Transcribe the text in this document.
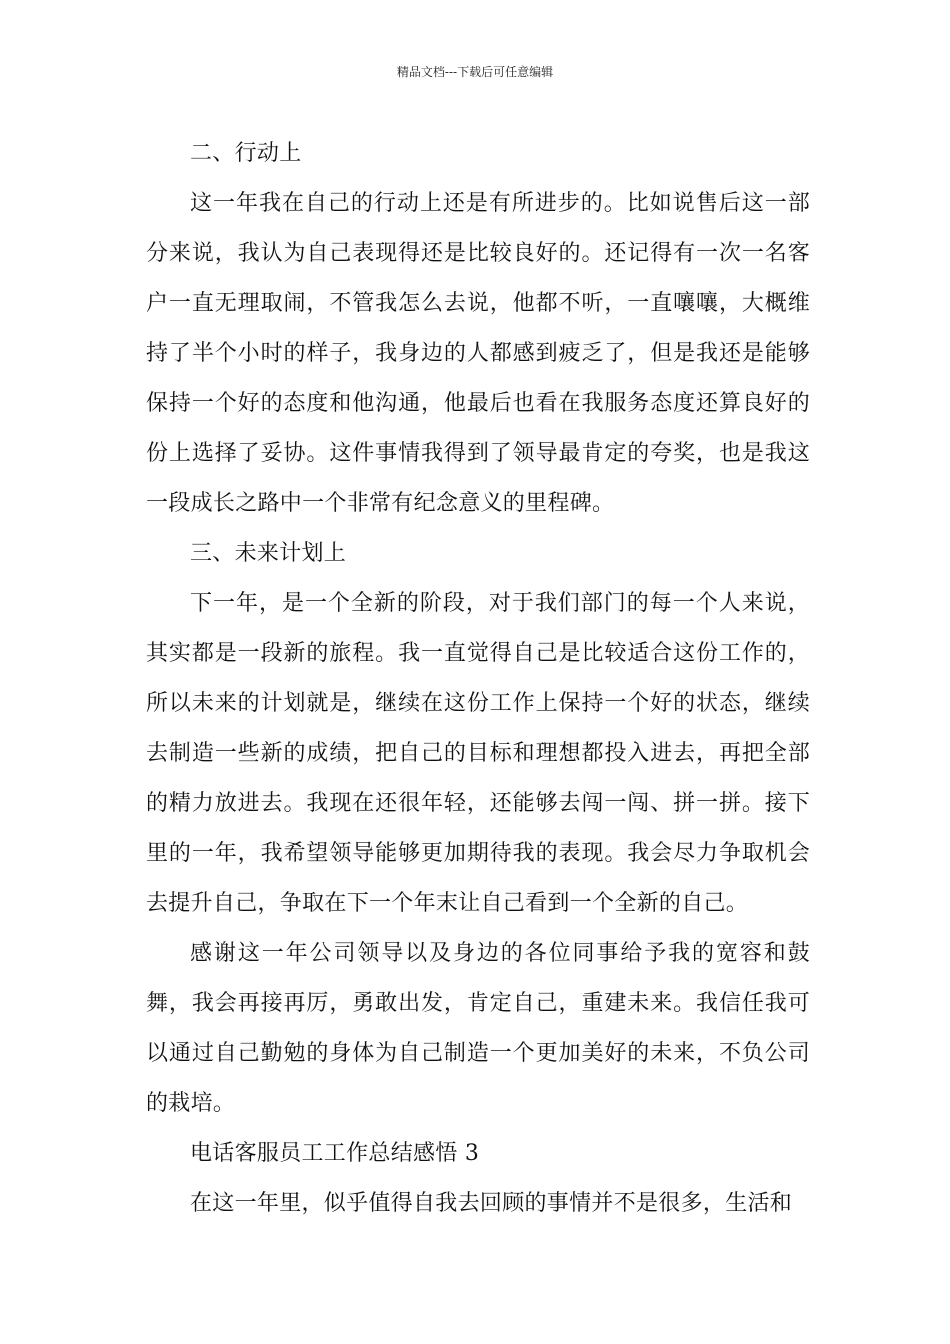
精品文档---下载后可任意编辑

二、行动上

这一年我在自己的行动上还是有所进步的。比如说售后这一部分来说，我认为自己表现得还是比较良好的。还记得有一次一名客户一直无理取闹，不管我怎么去说，他都不听，一直嚷嚷，大概维持了半个小时的样子，我身边的人都感到疲乏了，但是我还是能够保持一个好的态度和他沟通，他最后也看在我服务态度还算良好的份上选择了妥协。这件事情我得到了领导最肯定的夸奖，也是我这一段成长之路中一个非常有纪念意义的里程碑。

三、未来计划上

下一年，是一个全新的阶段，对于我们部门的每一个人来说，其实都是一段新的旅程。我一直觉得自己是比较适合这份工作的，所以未来的计划就是，继续在这份工作上保持一个好的状态，继续去制造一些新的成绩，把自己的目标和理想都投入进去，再把全部的精力放进去。我现在还很年轻，还能够去闯一闯、拼一拼。接下里的一年，我希望领导能够更加期待我的表现。我会尽力争取机会去提升自己，争取在下一个年末让自己看到一个全新的自己。

感谢这一年公司领导以及身边的各位同事给予我的宽容和鼓舞，我会再接再厉，勇敢出发，肯定自己，重建未来。我信任我可以通过自己勤勉的身体为自己制造一个更加美好的未来，不负公司的栽培。

电话客服员工工作总结感悟 3

在这一年里，似乎值得自我去回顾的事情并不是很多，生活和
